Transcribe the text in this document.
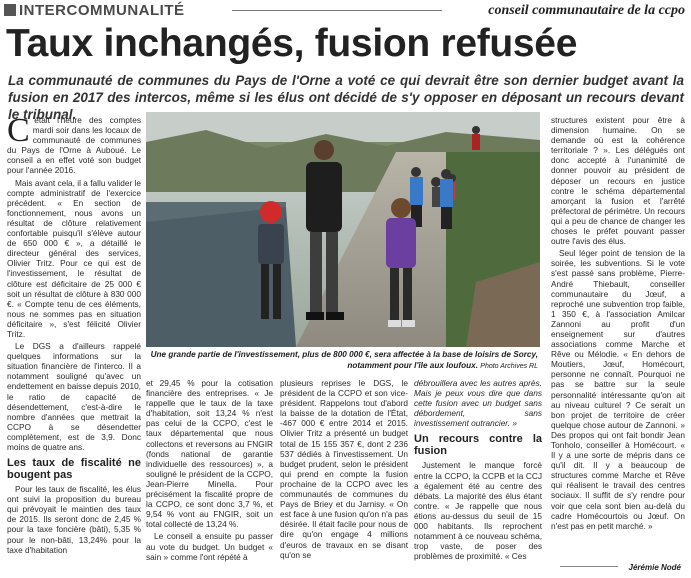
INTERCOMMUNALITÉ	conseil communautaire de la ccpo
Taux inchangés, fusion refusée

La communauté de communes du Pays de l'Orne a voté ce qui devrait être son dernier budget avant la fusion en 2017 des intercos, même si les élus ont décidé de s'y opposer en déposant un recours devant le tribunal.

C 'était l'heure des comptes mardi soir dans les locaux de communauté de communes du Pays de l'Orne à Auboué. Le conseil a en effet voté son budget pour l'année 2016.

Mais avant cela, il a fallu valider le compte administratif de l'exercice précédent. « En section de fonctionnement, nous avons un résultat de clôture relativement confortable puisqu'il s'élève autour de 650 000 € », a détaillé le directeur général des services, Olivier Tritz. Pour ce qui est de l'investissement, le résultat de clôture est déficitaire de 25 000 € soit un résultat de clôture à 830 000 €. « Compte tenu de ces éléments, nous ne sommes pas en situation déficitaire », s'est félicité Olivier Tritz.

Le DGS a d'ailleurs rappelé quelques informations sur la situation financière de l'interco. Il a notamment souligné qu'avec un endettement en baisse depuis 2010, le ratio de capacité de désendettement, c'est-à-dire le nombre d'années que mettrait la CCPO à se désendetter complètement, est de 3,9. Donc moins de quatre ans.

Les taux de fiscalité ne bougent pas

Pour les taux de fiscalité, les élus ont suivi la proposition du bureau qui prévoyait le maintien des taux de 2015. Ils seront donc de 2,45 % pour la taxe foncière (bâti), 5,35 % pour le non-bâti, 13,24% pour la taxe d'habitation

Une grande partie de l'investissement, plus de 800 000 €, sera affectée à la base de loisirs de Sorcy, notamment pour l'île aux loufoux. Photo Archives RL

et 29,45 % pour la cotisation financière des entreprises. « Je rappelle que le taux de la taxe d'habitation, soit 13,24 % n'est pas celui de la CCPO, c'est le taux départemental que nous collectons et reversons au FNGIR (fonds national de garantie individuelle des ressources) », a souligné le président de la CCPO, Jean-Pierre Minella. Pour précisément la fiscalité propre de la CCPO, ce sont donc 3,7 %, et 9,54 % vont au FNGIR, soit un total collecté de 13,24 %.

Le conseil a ensuite pu passer au vote du budget. Un budget « sain » comme l'ont répété à

plusieurs reprises le DGS, le président de la CCPO et son vice-président. Rappelons tout d'abord la baisse de la dotation de l'État, -467 000 € entre 2014 et 2015. Olivier Tritz a présenté un budget total de 15 155 357 €, dont 2 236 537 dédiés à l'investissement. Un budget prudent, selon le président qui prend en compte la fusion prochaine de la CCPO avec les communautés de communes du Pays de Briey et du Jarnisy. « On est face à une fusion qu'on n'a pas désirée. Il était facile pour nous de dire qu'on engage 4 millions d'euros de travaux en se disant qu'on se

débrouillera avec les autres après. Mais je peux vous dire que dans cette fusion avec un budget sans débordement, sans investissement outrancier. »

Un recours contre la fusion

Justement le manque forcé entre la CCPO, la CCPB et la CCJ a également été au centre des débats. La majorité des élus étant contre. « Je rappelle que nous étions au-dessus du seuil de 15 000 habitants. Ils reprochent notamment à ce nouveau schéma, trop vaste, de poser des problèmes de proximité. « Ces

structures existent pour être à dimension humaine. On se demande où est la cohérence territoriale ? ». Les délégués ont donc accepté à l'unanimité de donner pouvoir au président de déposer un recours en justice contre le schéma départemental amorçant la fusion et l'arrêté préfectoral de périmètre. Un recours qui a peu de chance de changer les choses le préfet pouvant passer outre l'avis des élus.

Seul léger point de tension de la soirée, les subventions. Si le vote s'est passé sans problème, Pierre-André Thiebault, conseiller communautaire du Jœuf, a reproché une subvention trop faible, 1 350 €, à l'association Amilcar Zannoni au profit d'un enseignement sur d'autres associations comme Marche et Rêve ou Mélodie. « En dehors de Moutiers, Jœuf, Homécourt, personne ne connaît. Pourquoi ne pas se battre sur la seule personnalité intéressante qu'on ait au niveau culturel ? Ce serait un bon projet de territoire de créer quelque chose autour de Zannoni. » Des propos qui ont fait bondir Jean Tonholo, conseiller à Homécourt. « Il y a une sorte de mépris dans ce qu'il dit. Il y a beaucoup de structures comme Marche et Rêve qui réalisent le travail des centres sociaux. Il suffit de s'y rendre pour voir que cela sont bien au-delà du cadre Homécourtois ou Jœuf. On n'est pas en petit marché. »

Jérémie Nodé
